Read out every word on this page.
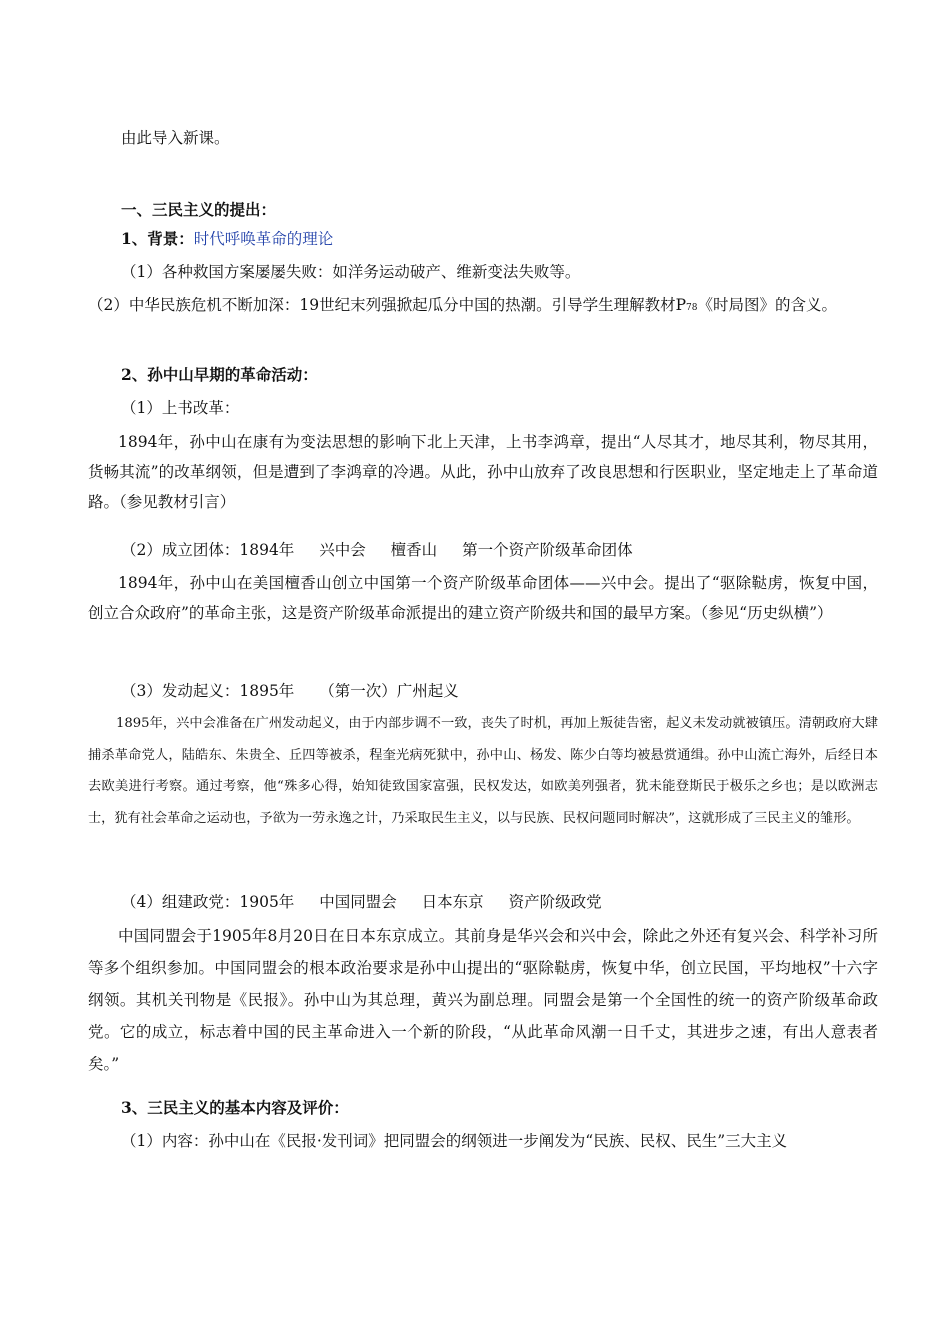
由此导入新课。
一、三民主义的提出：
1、背景：时代呼唤革命的理论
（1）各种救国方案屡屡失败：如洋务运动破产、维新变法失败等。
（2）中华民族危机不断加深：19世纪末列强掀起瓜分中国的热潮。引导学生理解教材P78《时局图》的含义。
2、孙中山早期的革命活动：
（1）上书改革：
1894年，孙中山在康有为变法思想的影响下北上天津，上书李鸿章，提出“人尽其才，地尽其利，物尽其用，货畅其流”的改革纲领，但是遭到了李鸿章的冷遇。从此，孙中山放弃了改良思想和行医职业，坚定地走上了革命道路。（参见教材引言）
（2）成立团体：1894年 兴中会 檀香山 第一个资产阶级革命团体
1894年，孙中山在美国檀香山创立中国第一个资产阶级革命团体——兴中会。提出了“驱除鞑虏，恢复中国，创立合众政府”的革命主张，这是资产阶级革命派提出的建立资产阶级共和国的最早方案。（参见“历史纵横”）
（3）发动起义：1895年 （第一次）广州起义
1895年，兴中会准备在广州发动起义，由于内部步调不一致，丧失了时机，再加上叛徒告密，起义未发动就被镇压。清朝政府大肆捕杀革命党人，陆皓东、朱贵全、丘四等被杀，程奎光病死狱中，孙中山、杨发、陈少白等均被悬赏通缉。孙中山流亡海外，后经日本去欧美进行考察。通过考察，他“殊多心得，始知徒致国家富强，民权发达，如欧美列强者，犹未能登斯民于极乐之乡也；是以欧洲志士，犹有社会革命之运动也，予欲为一劳永逸之计，乃采取民生主义，以与民族、民权问题同时解决”，这就形成了三民主义的雏形。
（4）组建政党：1905年 中国同盟会 日本东京 资产阶级政党
中国同盟会于1905年8月20日在日本东京成立。其前身是华兴会和兴中会，除此之外还有复兴会、科学补习所等多个组织参加。中国同盟会的根本政治要求是孙中山提出的“驱除鞑虏，恢复中华，创立民国，平均地权”十六字纲领。其机关刊物是《民报》。孙中山为其总理，黄兴为副总理。同盟会是第一个全国性的统一的资产阶级革命政党。它的成立，标志着中国的民主革命进入一个新的阶段，“从此革命风潮一日千丈，其进步之速，有出人意表者矣。”
3、三民主义的基本内容及评价：
（1）内容：孙中山在《民报·发刊词》把同盟会的纲领进一步阐发为“民族、民权、民生”三大主义
